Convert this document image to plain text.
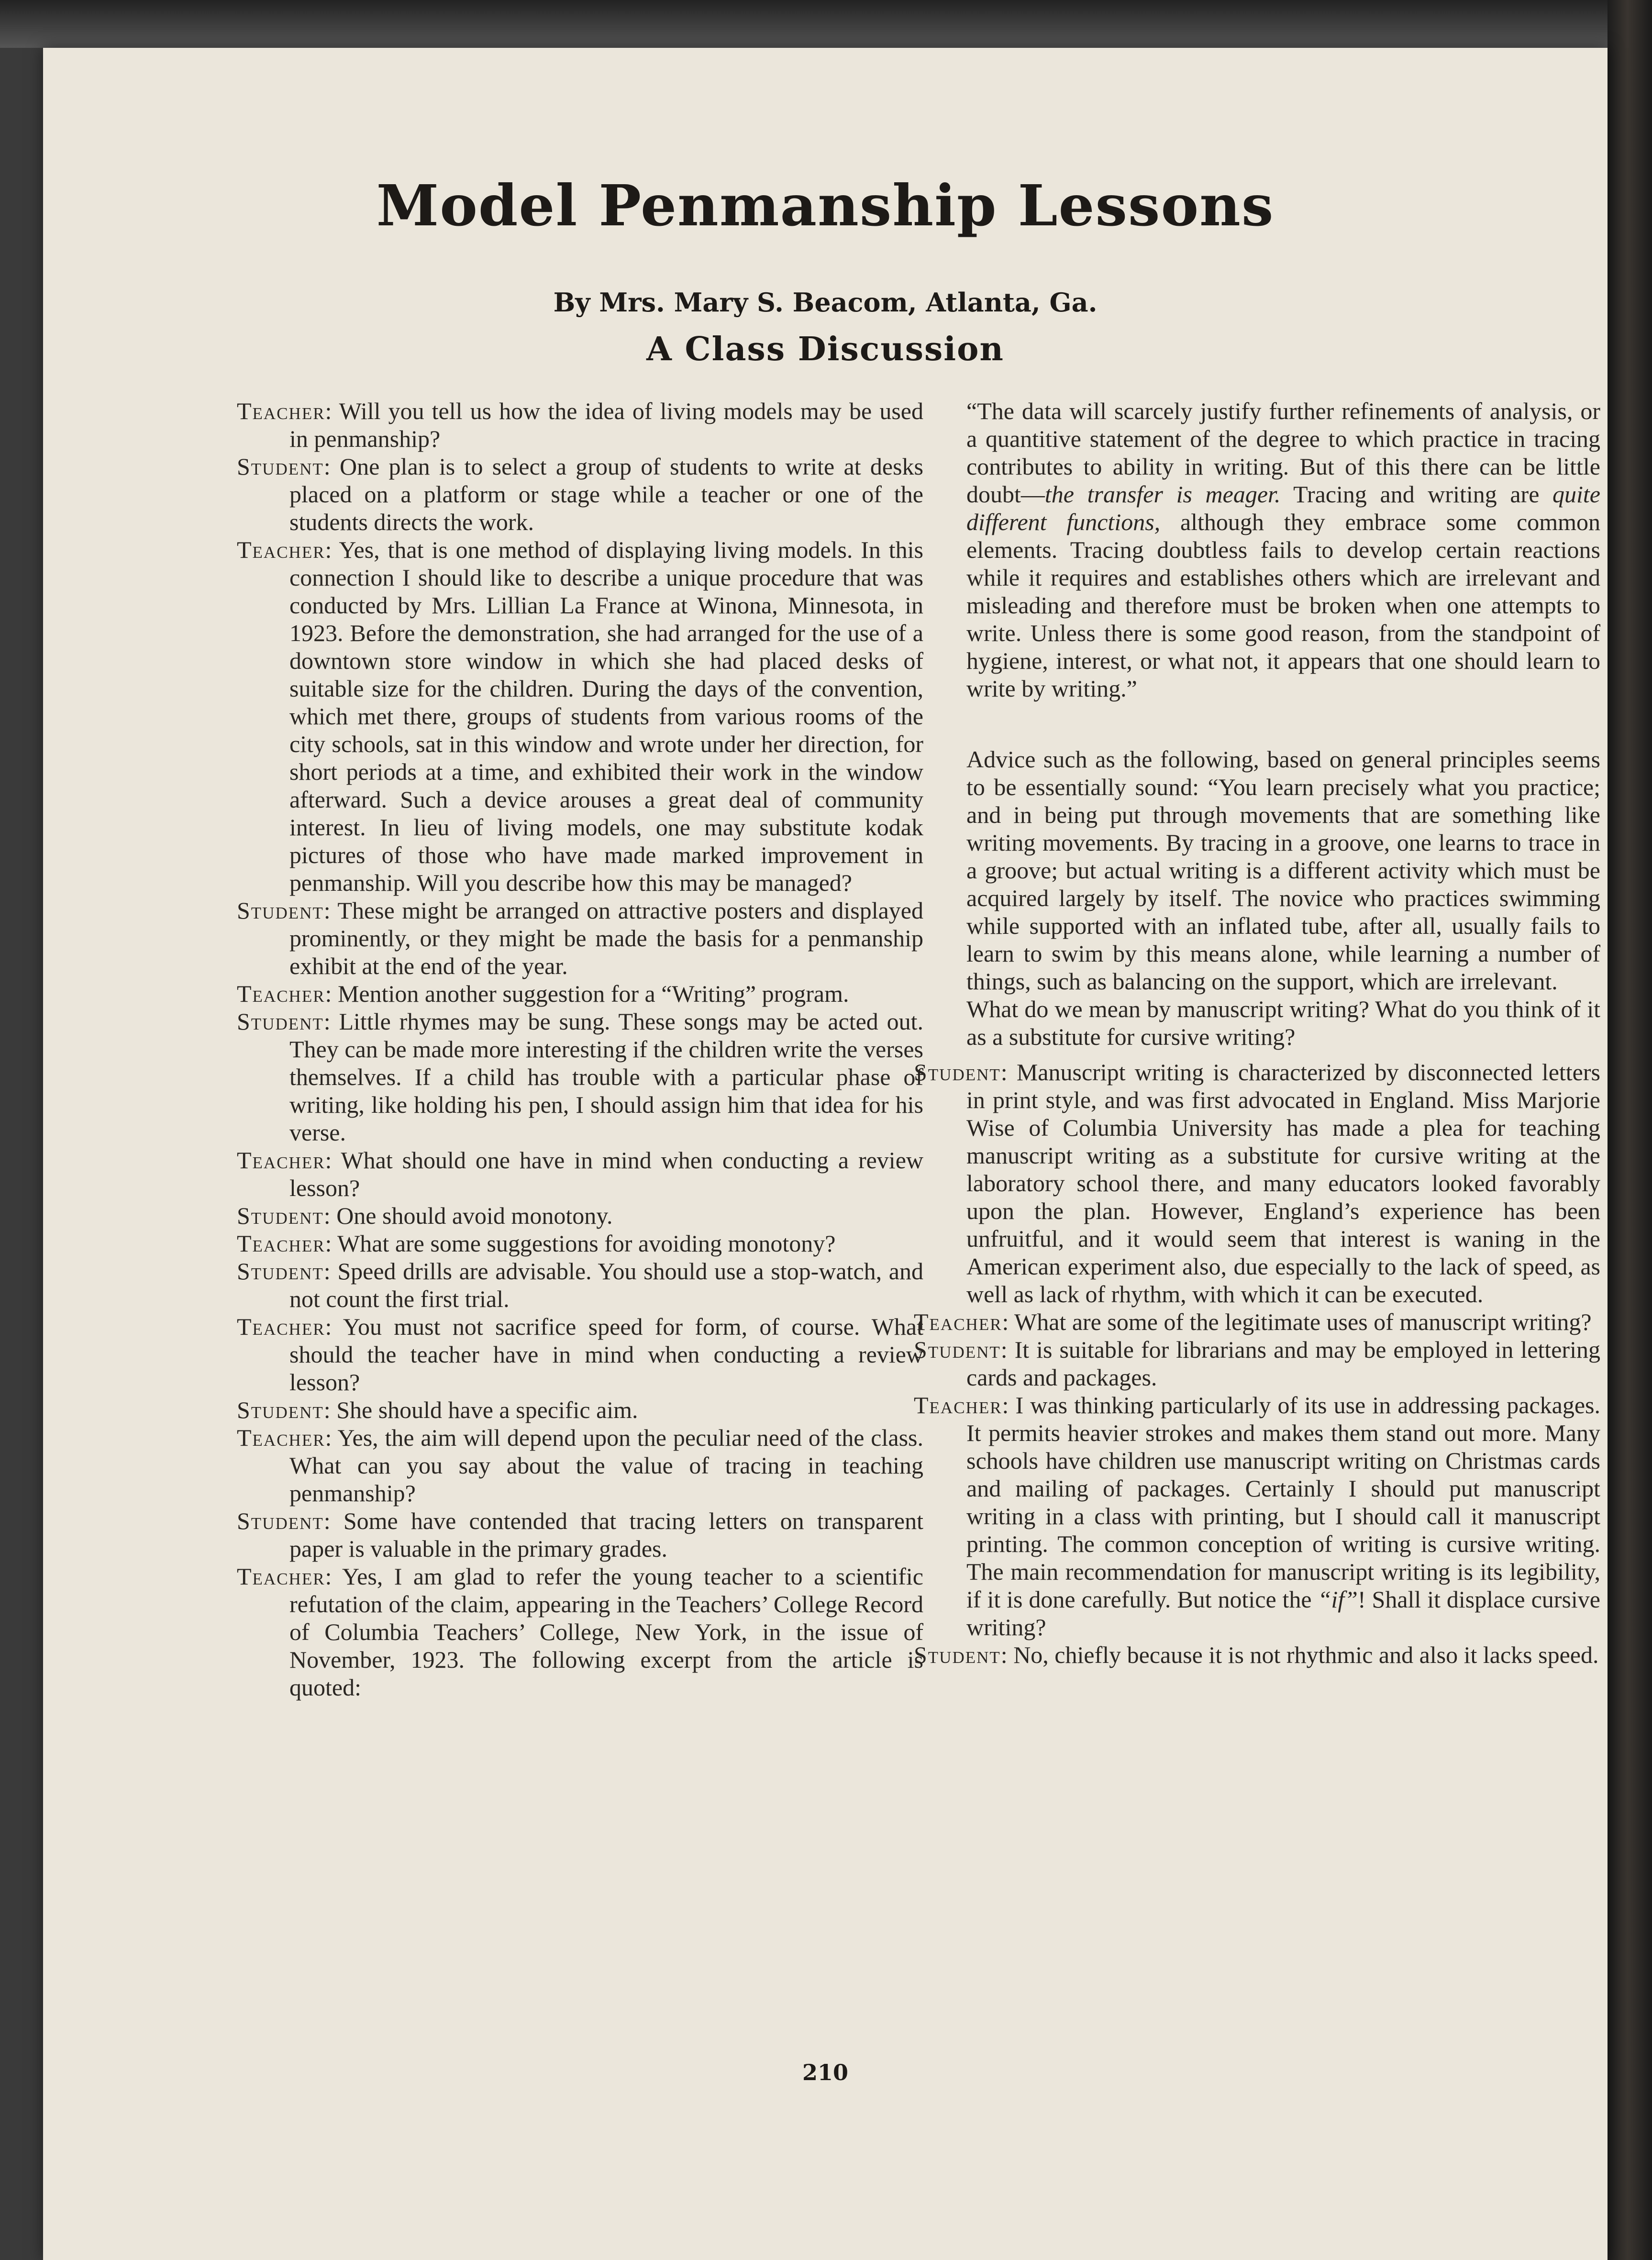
Model Penmanship Lessons
By Mrs. Mary S. Beacom, Atlanta, Ga.
A Class Discussion

Teacher: Will you tell us how the idea of living models may be used in penmanship?

Student: One plan is to select a group of students to write at desks placed on a platform or stage while a teacher or one of the students directs the work.

Teacher: Yes, that is one method of displaying living models. In this connection I should like to describe a unique procedure that was conducted by Mrs. Lillian La France at Winona, Minnesota, in 1923. Before the demonstration, she had arranged for the use of a downtown store window in which she had placed desks of suitable size for the children. During the days of the convention, which met there, groups of students from various rooms of the city schools, sat in this window and wrote under her direction, for short periods at a time, and exhibited their work in the window afterward. Such a device arouses a great deal of community interest. In lieu of living models, one may substitute kodak pictures of those who have made marked improvement in penmanship. Will you describe how this may be managed?

Student: These might be arranged on attractive posters and displayed prominently, or they might be made the basis for a penmanship exhibit at the end of the year.

Teacher: Mention another suggestion for a “Writing” program.

Student: Little rhymes may be sung. These songs may be acted out. They can be made more interesting if the children write the verses themselves. If a child has trouble with a particular phase of writing, like holding his pen, I should assign him that idea for his verse.

Teacher: What should one have in mind when conducting a review lesson?

Student: One should avoid monotony.

Teacher: What are some suggestions for avoiding monotony?

Student: Speed drills are advisable. You should use a stop-watch, and not count the first trial.

Teacher: You must not sacrifice speed for form, of course. What should the teacher have in mind when conducting a review lesson?

Student: She should have a specific aim.

Teacher: Yes, the aim will depend upon the peculiar need of the class. What can you say about the value of tracing in teaching penmanship?

Student: Some have contended that tracing letters on transparent paper is valuable in the primary grades.

Teacher: Yes, I am glad to refer the young teacher to a scientific refutation of the claim, appearing in the Teachers’ College Record of Columbia Teachers’ College, New York, in the issue of November, 1923. The following excerpt from the article is quoted:

“The data will scarcely justify further refinements of analysis, or a quantitive statement of the degree to which practice in tracing contributes to ability in writing. But of this there can be little doubt—the transfer is meager. Tracing and writing are quite different functions, although they embrace some common elements. Tracing doubtless fails to develop certain reactions while it requires and establishes others which are irrelevant and misleading and therefore must be broken when one attempts to write. Unless there is some good reason, from the standpoint of hygiene, interest, or what not, it appears that one should learn to write by writing.”

Advice such as the following, based on general principles seems to be essentially sound: “You learn precisely what you practice; and in being put through movements that are something like writing movements. By tracing in a groove, one learns to trace in a groove; but actual writing is a different activity which must be acquired largely by itself. The novice who practices swimming while supported with an inflated tube, after all, usually fails to learn to swim by this means alone, while learning a number of things, such as balancing on the support, which are irrelevant.

What do we mean by manuscript writing? What do you think of it as a substitute for cursive writing?

Student: Manuscript writing is characterized by disconnected letters in print style, and was first advocated in England. Miss Marjorie Wise of Columbia University has made a plea for teaching manuscript writing as a substitute for cursive writing at the laboratory school there, and many educators looked favorably upon the plan. However, England’s experience has been unfruitful, and it would seem that interest is waning in the American experiment also, due especially to the lack of speed, as well as lack of rhythm, with which it can be executed.

Teacher: What are some of the legitimate uses of manuscript writing?

Student: It is suitable for librarians and may be employed in lettering cards and packages.

Teacher: I was thinking particularly of its use in addressing packages. It permits heavier strokes and makes them stand out more. Many schools have children use manuscript writing on Christmas cards and mailing of packages. Certainly I should put manuscript writing in a class with printing, but I should call it manuscript printing. The common conception of writing is cursive writing. The main recommendation for manuscript writing is its legibility, if it is done carefully. But notice the “if”! Shall it displace cursive writing?

Student: No, chiefly because it is not rhythmic and also it lacks speed.

210
